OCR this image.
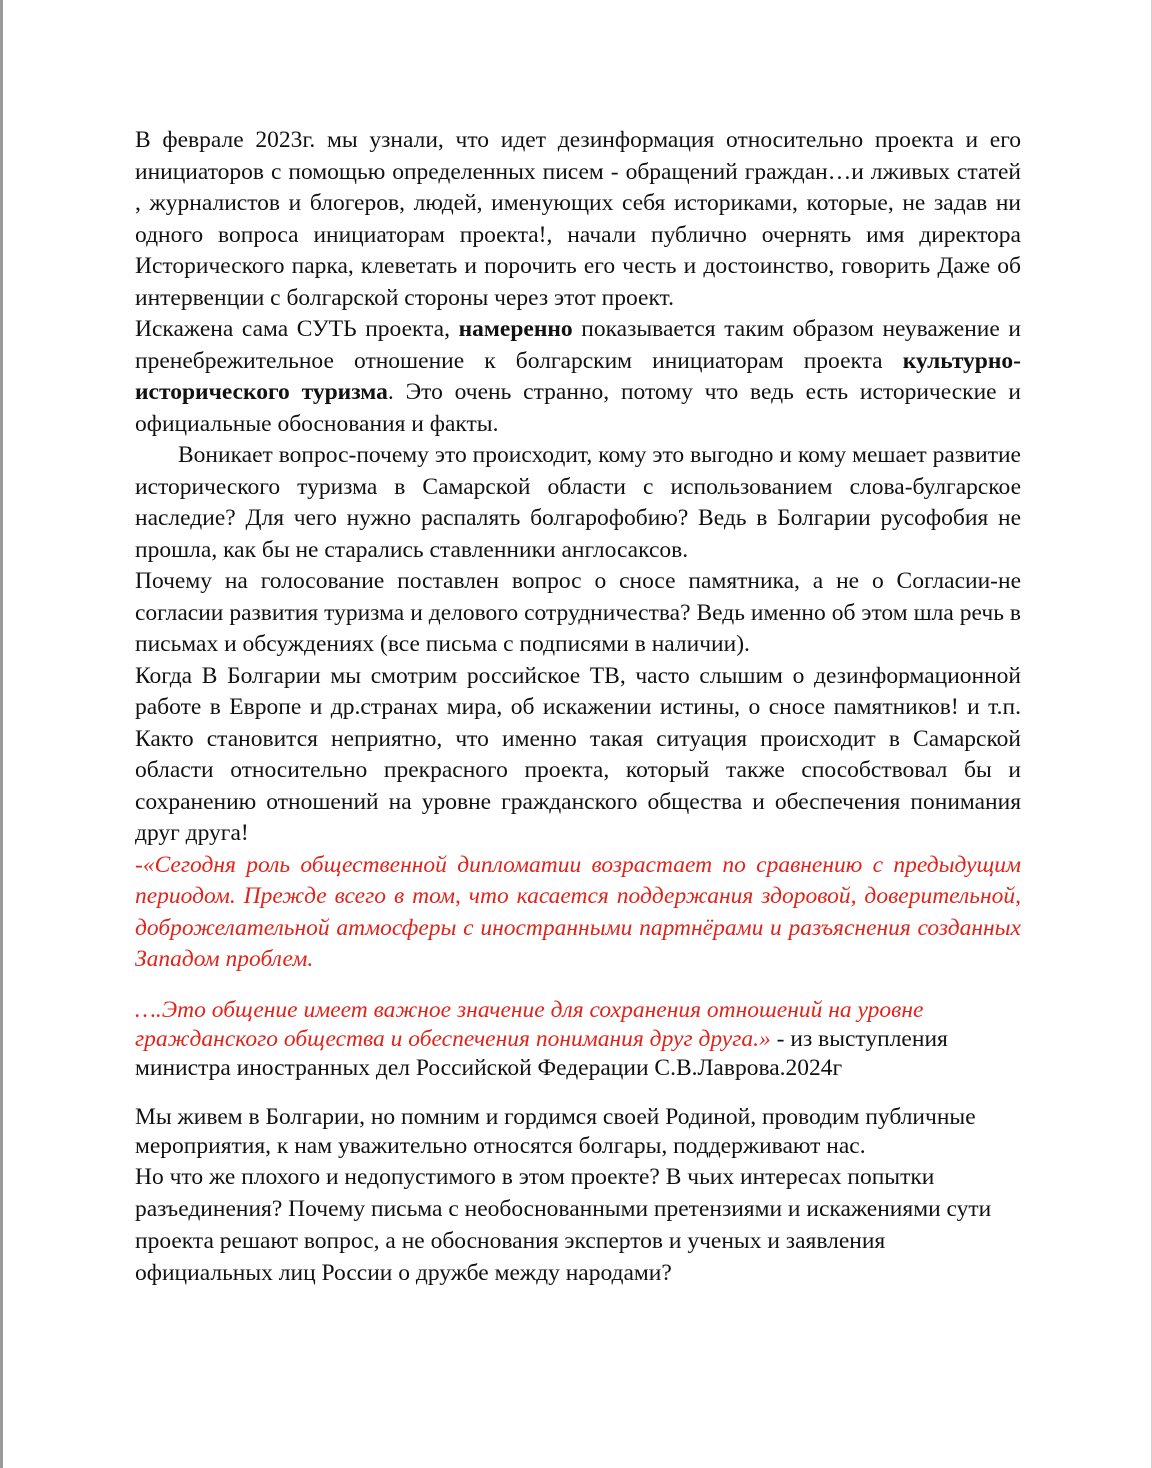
В феврале 2023г. мы узнали, что идет дезинформация относительно проекта и его инициаторов с помощью определенных писем - обращений граждан…и лживых статей , журналистов и блогеров, людей, именующих себя историками, которые, не задав ни одного вопроса инициаторам проекта!, начали публично очернять имя директора Исторического парка, клеветать и порочить его честь и достоинство, говорить Даже об интервенции с болгарской стороны через этот проект.

Искажена сама СУТЬ проекта, намеренно показывается таким образом неуважение и пренебрежительное отношение к болгарским инициаторам проекта культурно-исторического туризма. Это очень странно, потому что ведь есть исторические и официальные обоснования и факты.

Воникает вопрос-почему это происходит, кому это выгодно и кому мешает развитие исторического туризма в Самарской области с использованием слова-булгарское наследие? Для чего нужно распалять болгарофобию? Ведь в Болгарии русофобия не прошла, как бы не старались ставленники англосаксов.

Почему на голосование поставлен вопрос о сносе памятника, а не о Согласии-не согласии развития туризма и делового сотрудничества? Ведь именно об этом шла речь в письмах и обсуждениях (все письма с подписями в наличии).

Когда В Болгарии мы смотрим российское ТВ, часто слышим о дезинформационной работе в Европе и др.странах мира, об искажении истины, о сносе памятников! и т.п. Както становится неприятно, что именно такая ситуация происходит в Самарской области относительно прекрасного проекта, который также способствовал бы и сохранению отношений на уровне гражданского общества и обеспечения понимания друг друга!

-«Сегодня роль общественной дипломатии возрастает по сравнению с предыдущим периодом. Прежде всего в том, что касается поддержания здоровой, доверительной, доброжелательной атмосферы с иностранными партнёрами и разъяснения созданных Западом проблем.

….Это общение имеет важное значение для сохранения отношений на уровне гражданского общества и обеспечения понимания друг друга.» - из выступления министра иностранных дел Российской Федерации С.В.Лаврова.2024г

Мы живем в Болгарии, но помним и гордимся своей Родиной, проводим публичные мероприятия, к нам уважительно относятся болгары, поддерживают нас.

Но что же плохого и недопустимого в этом проекте? В чьих интересах попытки разъединения? Почему письма с необоснованными претензиями и искажениями сути проекта решают вопрос, а не обоснования экспертов и ученых и заявления официальных лиц России о дружбе между народами?
